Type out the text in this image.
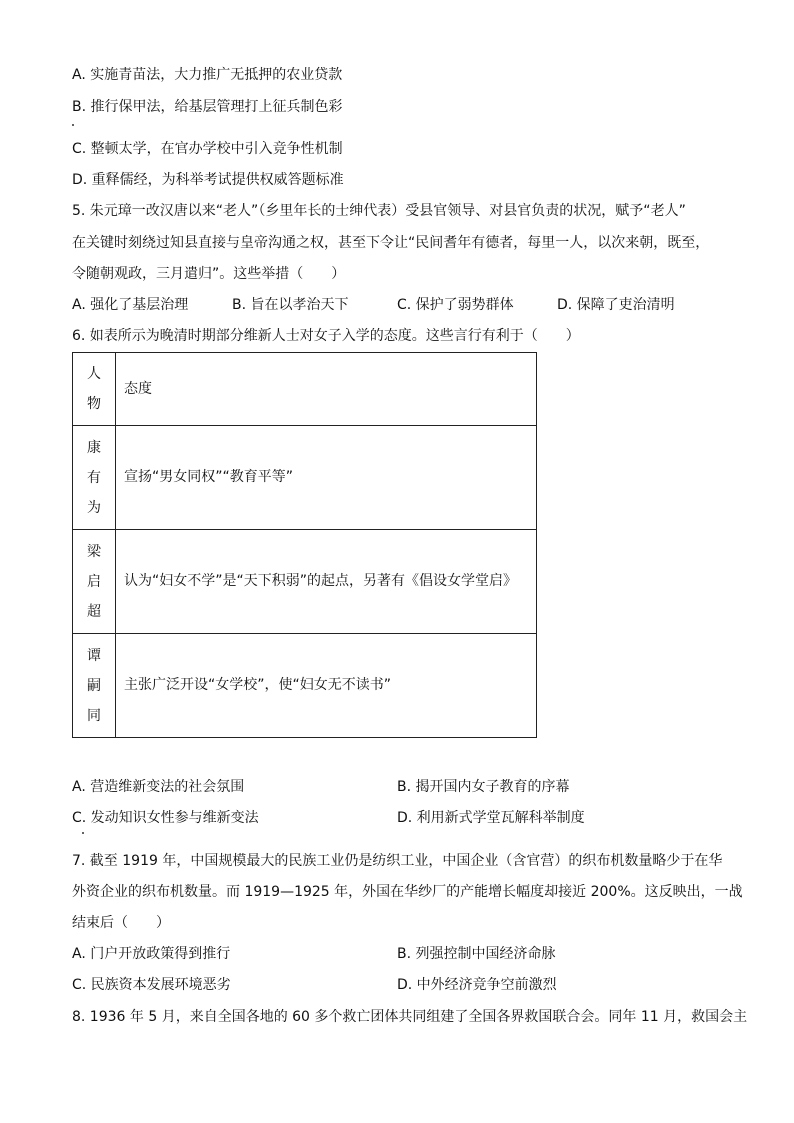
A. 实施青苗法，大力推广无抵押的农业贷款
B. 推行保甲法，给基层管理打上征兵制色彩
C. 整顿太学，在官办学校中引入竞争性机制
D. 重释儒经，为科举考试提供权威答题标准
5. 朱元璋一改汉唐以来“老人”（乡里年长的士绅代表）受县官领导、对县官负责的状况，赋予“老人”
在关键时刻绕过知县直接与皇帝沟通之权，甚至下令让“民间耆年有德者，每里一人，以次来朝，既至，
令随朝观政，三月遣归”。这些举措（　　）
A. 强化了基层治理	B. 旨在以孝治天下	C. 保护了弱势群体	D. 保障了吏治清明
6. 如表所示为晚清时期部分维新人士对女子入学的态度。这些言行有利于（　　）
人
物	态度

康
有
为	宣扬“男女同权”“教育平等”

梁
启
超	认为“妇女不学”是“天下积弱”的起点，另著有《倡设女学堂启》

谭
嗣
同	主张广泛开设“女学校”，使“妇女无不读书”
A. 营造维新变法的社会氛围	B. 揭开国内女子教育的序幕
C. 发动知识女性参与维新变法	D. 利用新式学堂瓦解科举制度
7. 截至 1919 年，中国规模最大的民族工业仍是纺织工业，中国企业（含官营）的织布机数量略少于在华
外资企业的织布机数量。而 1919—1925 年，外国在华纱厂的产能增长幅度却接近 200%。这反映出，一战
结束后（　　）
A. 门户开放政策得到推行	B. 列强控制中国经济命脉
C. 民族资本发展环境恶劣	D. 中外经济竞争空前激烈
8. 1936 年 5 月，来自全国各地的 60 多个救亡团体共同组建了全国各界救国联合会。同年 11 月，救国会主
